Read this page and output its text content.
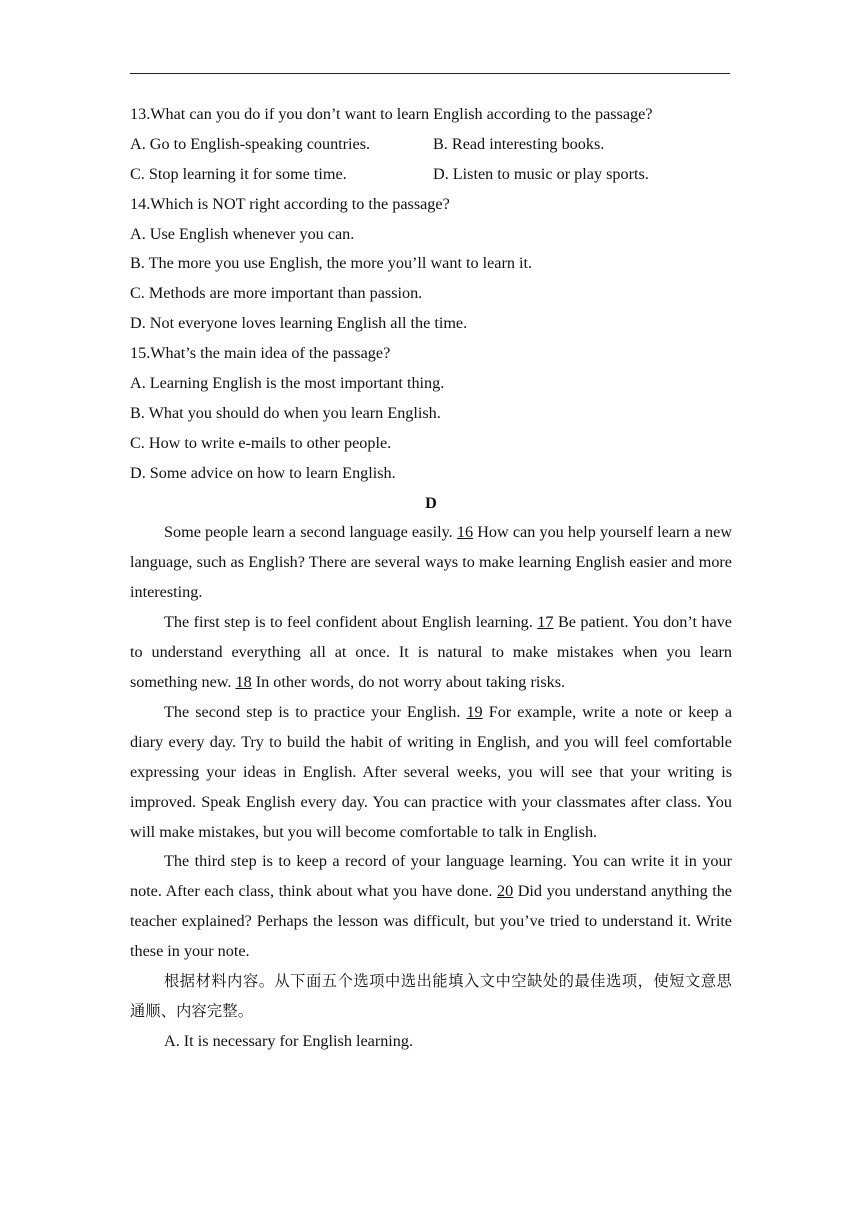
13.What can you do if you don’t want to learn English according to the passage?
A. Go to English-speaking countries.	B. Read interesting books.
C. Stop learning it for some time.	D. Listen to music or play sports.
14.Which is NOT right according to the passage?
A. Use English whenever you can.
B. The more you use English, the more you’ll want to learn it.
C. Methods are more important than passion.
D. Not everyone loves learning English all the time.
15.What’s the main idea of the passage?
A. Learning English is the most important thing.
B. What you should do when you learn English.
C. How to write e-mails to other people.
D. Some advice on how to learn English.
D

Some people learn a second language easily. 16 How can you help yourself learn a new language, such as English? There are several ways to make learning English easier and more interesting.

The first step is to feel confident about English learning. 17 Be patient. You don’t have to understand everything all at once. It is natural to make mistakes when you learn something new. 18 In other words, do not worry about taking risks.

The second step is to practice your English. 19 For example, write a note or keep a diary every day. Try to build the habit of writing in English, and you will feel comfortable expressing your ideas in English. After several weeks, you will see that your writing is improved. Speak English every day. You can practice with your classmates after class. You will make mistakes, but you will become comfortable to talk in English.

The third step is to keep a record of your language learning. You can write it in your note. After each class, think about what you have done. 20 Did you understand anything the teacher explained? Perhaps the lesson was difficult, but you’ve tried to understand it. Write these in your note.

根据材料内容。从下面五个选项中选出能填入文中空缺处的最佳选项，使短文意思通顺、内容完整。

A. It is necessary for English learning.
